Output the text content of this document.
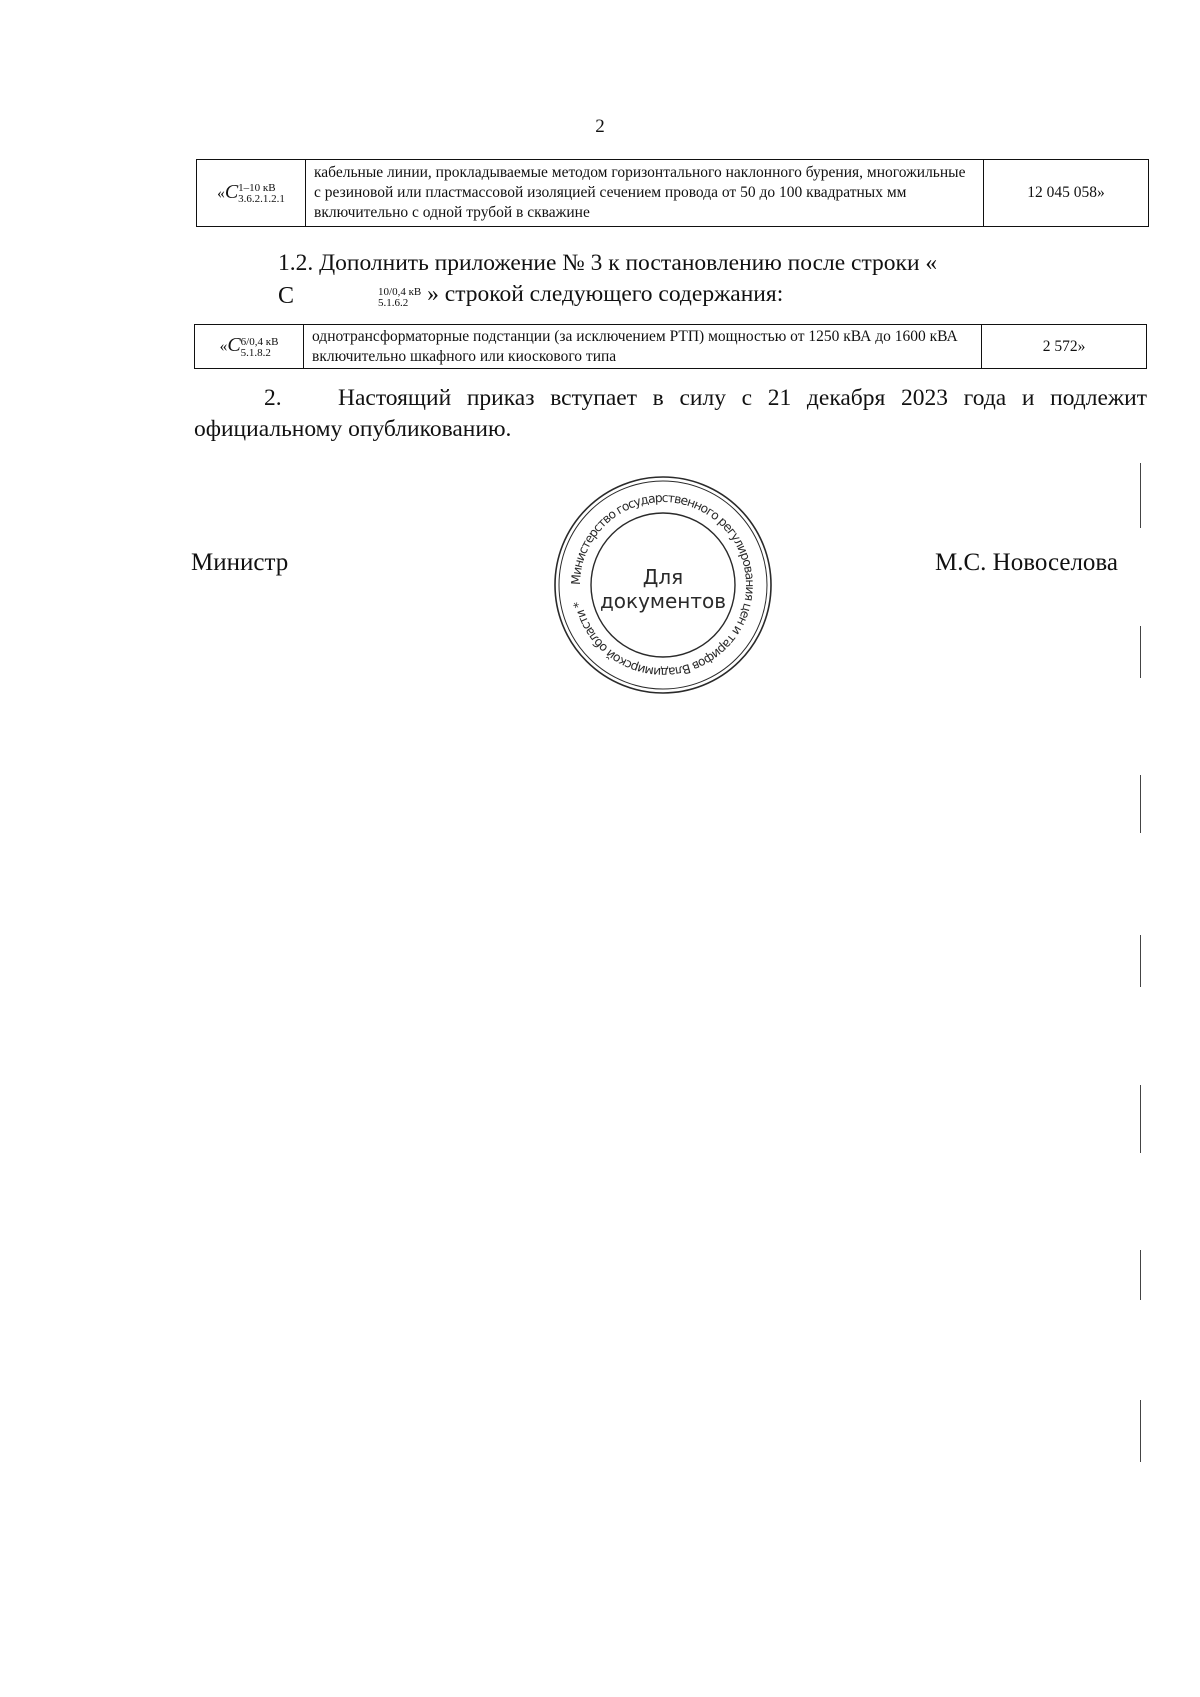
2
«C 1–10 кВ
3.6.2.1.2.1
	кабельные линии, прокладываемые методом горизонтального наклонного бурения, многожильные с резиновой или пластмассовой изоляцией сечением провода от 50 до 100 квадратных мм включительно с одной трубой в скважине	12 045 058»
1.2. Дополнить приложение № 3 к постановлению после строки «C	10/0,4 кВ
5.1.6.2 » строкой следующего содержания:
«C 6/0,4 кВ
5.1.8.2
	однотрансформаторные подстанции (за исключением РТП) мощностью от 1250 кВА до 1600 кВА включительно шкафного или киоскового типа	2 572»
2. Настоящий приказ вступает в силу с 21 декабря 2023 года и подлежит официальному опубликованию.
Министр	М.С. Новоселова
Министерство государственного регулирования цен и тарифов Владимирской области *
Для
документов
